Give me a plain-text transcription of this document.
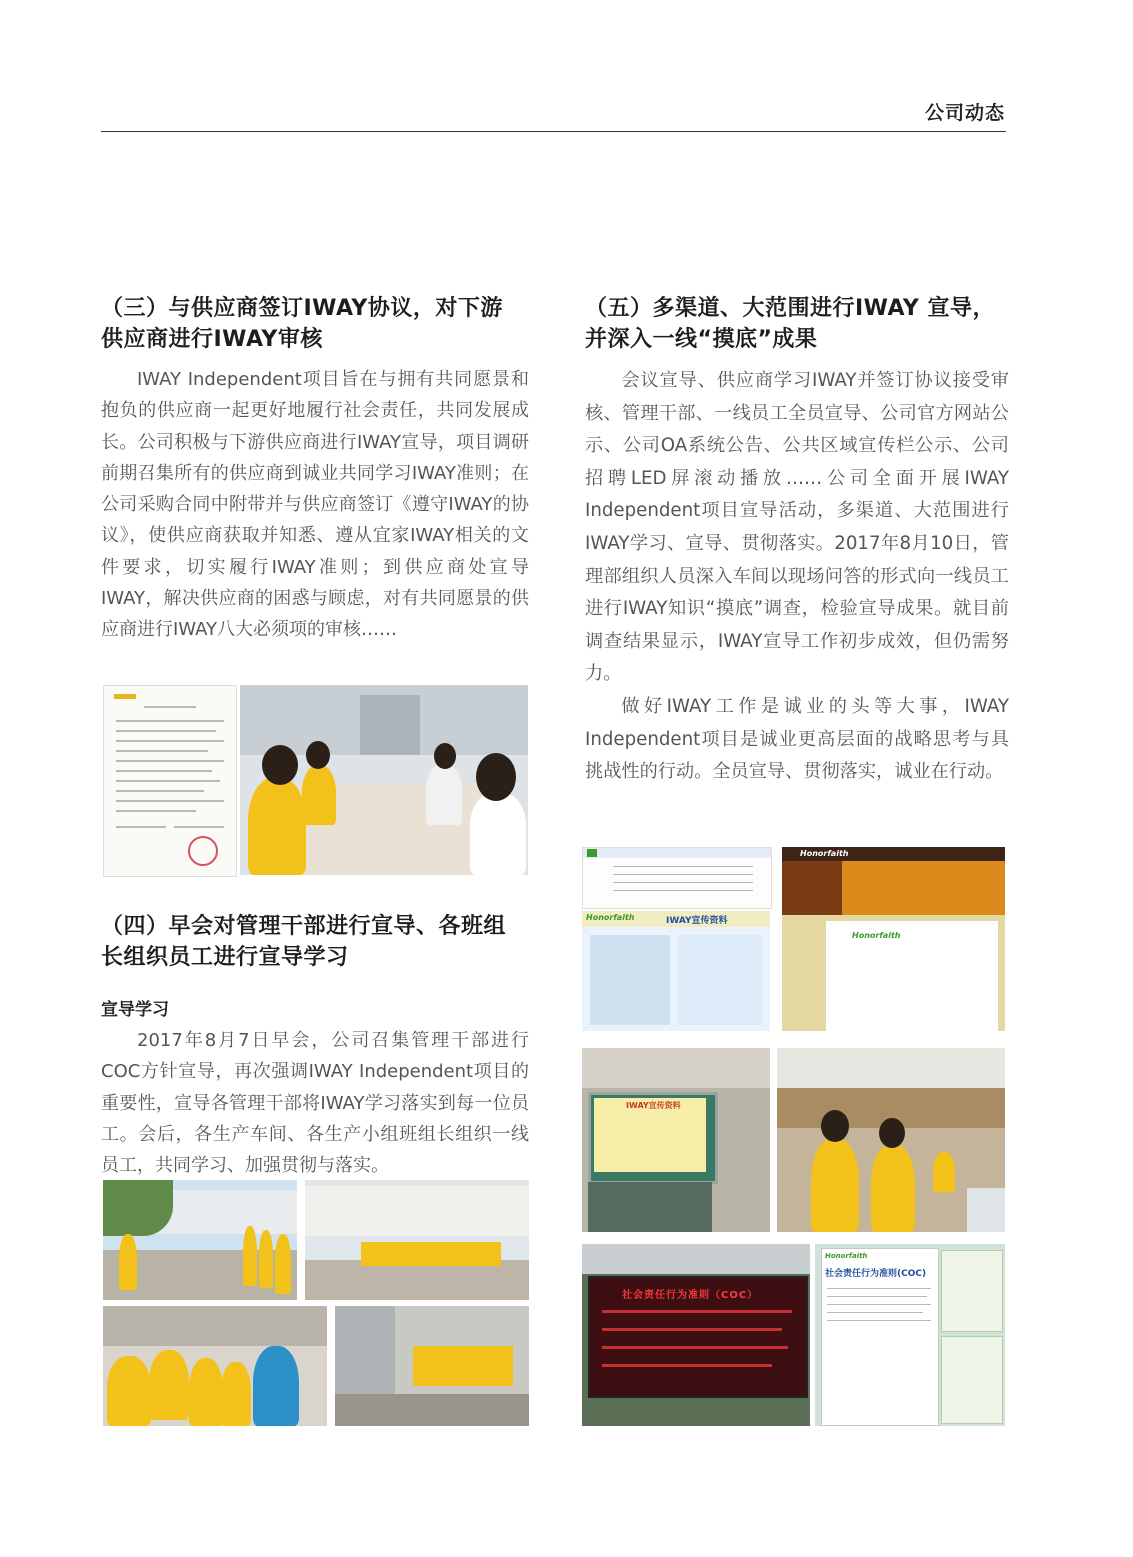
公司动态
（三）与供应商签订IWAY协议，对下游
供应商进行IWAY审核

IWAY Independent项目旨在与拥有共同愿景和抱负的供应商一起更好地履行社会责任，共同发展成长。公司积极与下游供应商进行IWAY宣导，项目调研前期召集所有的供应商到诚业共同学习IWAY准则；在公司采购合同中附带并与供应商签订《遵守IWAY的协议》，使供应商获取并知悉、遵从宜家IWAY相关的文件要求，切实履行IWAY准则；到供应商处宣导IWAY，解决供应商的困惑与顾虑，对有共同愿景的供应商进行IWAY八大必须项的审核……

（四）早会对管理干部进行宣导、各班组
长组织员工进行宣导学习
宣导学习

2017年8月7日早会，公司召集管理干部进行COC方针宣导，再次强调IWAY Independent项目的重要性，宣导各管理干部将IWAY学习落实到每一位员工。会后，各生产车间、各生产小组班组长组织一线员工，共同学习、加强贯彻与落实。

（五）多渠道、大范围进行IWAY 宣导，
并深入一线“摸底”成果

会议宣导、供应商学习IWAY并签订协议接受审核、管理干部、一线员工全员宣导、公司官方网站公示、公司OA系统公告、公共区域宣传栏公示、公司招聘LED屏滚动播放……公司全面开展IWAY Independent项目宣导活动，多渠道、大范围进行IWAY学习、宣导、贯彻落实。2017年8月10日，管理部组织人员深入车间以现场问答的形式向一线员工进行IWAY知识“摸底”调查，检验宣导成果。就目前调查结果显示，IWAY宣导工作初步成效，但仍需努力。

做好IWAY工作是诚业的头等大事，IWAY Independent项目是诚业更高层面的战略思考与具挑战性的行动。全员宣导、贯彻落实，诚业在行动。

Honorfaith	IWAY宣传资料
Honorfaith
Honorfaith
IWAY宣传资料
社会责任行为准则（COC）
Honorfaith
社会责任行为准则(COC)
